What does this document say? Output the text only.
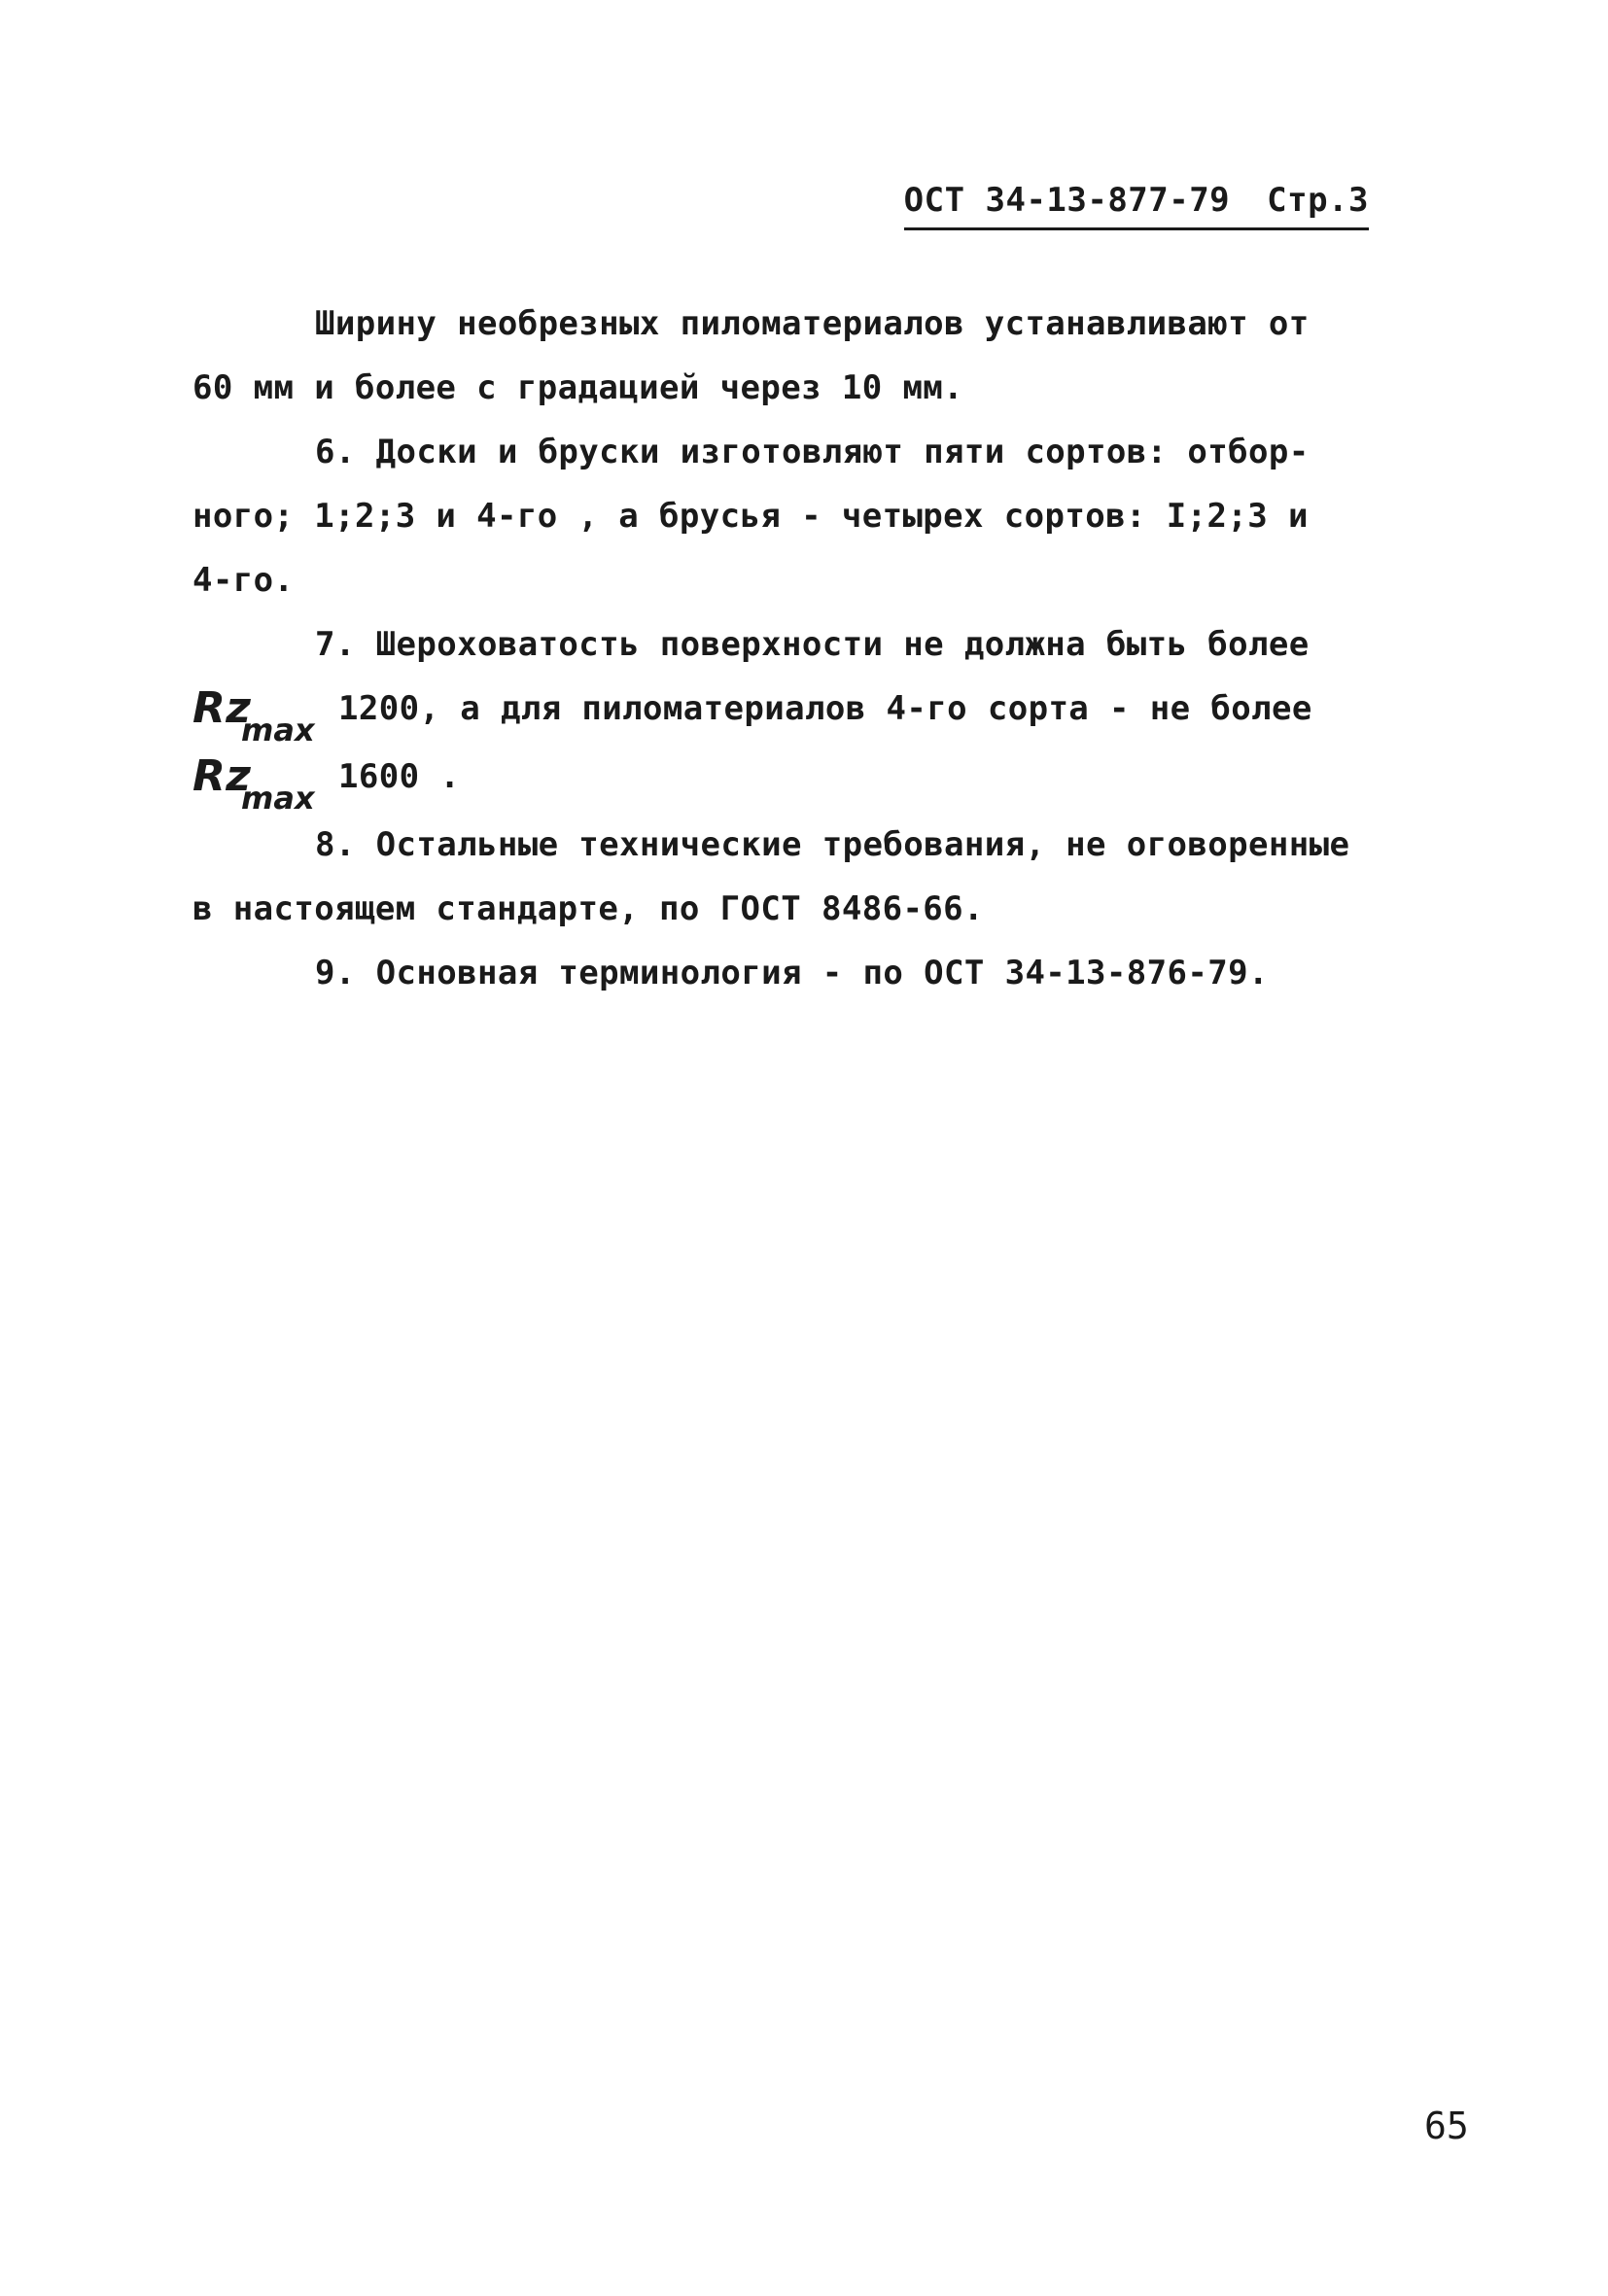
ОСТ 34-13-877-79 Стр.3
Ширину необрезных пиломатериалов устанавливают от
60 мм и более с градацией через 10 мм.
6. Доски и бруски изготовляют пяти сортов: отбор-
ного; 1;2;3 и 4-го , а брусья - четырех сортов: I;2;3 и
4-го.
7. Шероховатость поверхности не должна быть более
Rz
max
1200, а для пиломатериалов 4-го сорта - не более
Rz
max
1600 .
8. Остальные технические требования, не оговоренные
в настоящем стандарте, по ГОСТ 8486-66.
9. Основная терминология - по ОСТ 34-13-876-79.
65
